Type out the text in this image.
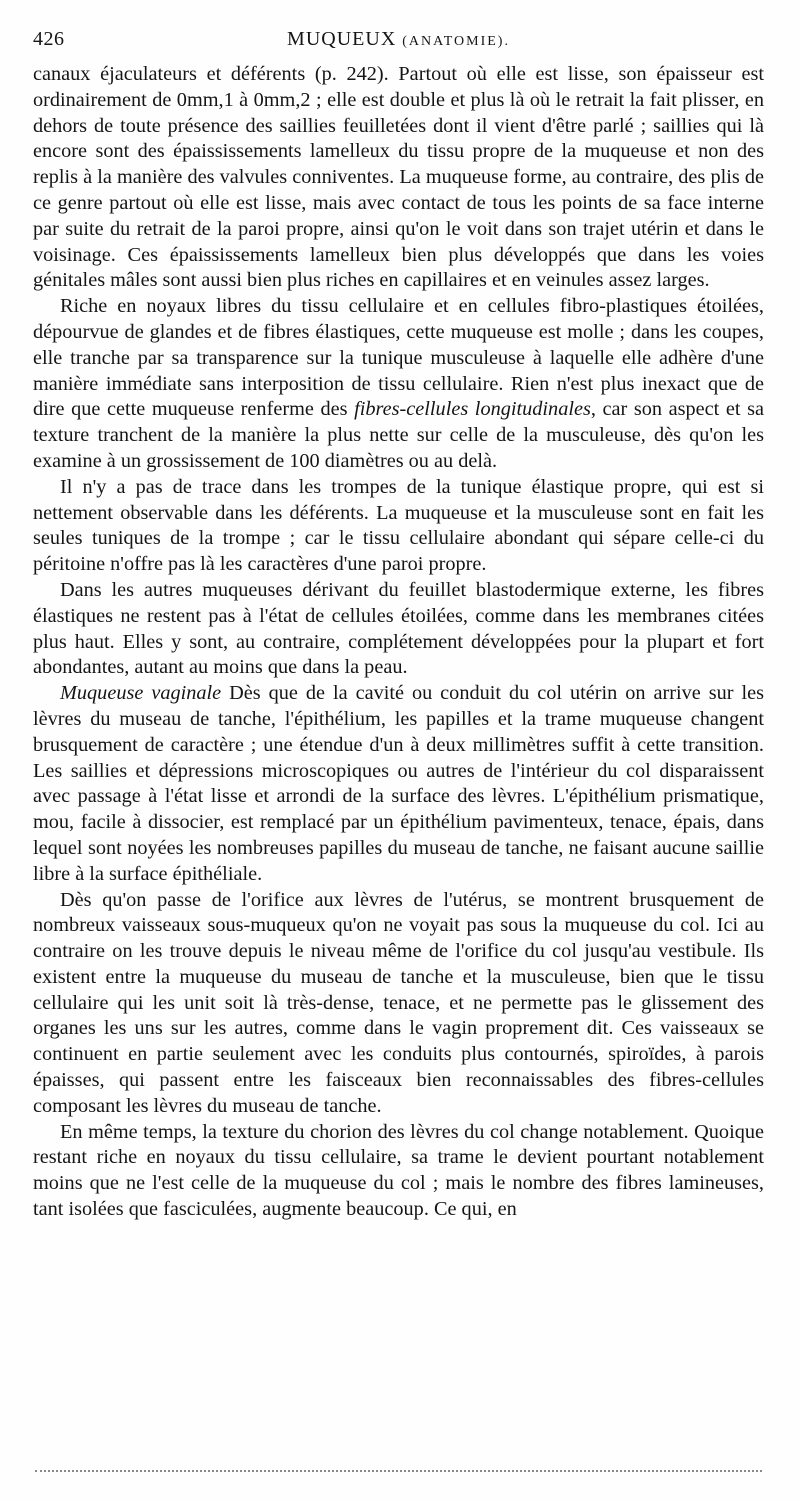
426	MUQUEUX (ANATOMIE).

canaux éjaculateurs et déférents (p. 242). Partout où elle est lisse, son épaisseur est ordinairement de 0mm,1 à 0mm,2 ; elle est double et plus là où le retrait la fait plisser, en dehors de toute présence des saillies feuilletées dont il vient d'être parlé ; saillies qui là encore sont des épaississements lamelleux du tissu propre de la muqueuse et non des replis à la manière des valvules conniventes. La muqueuse forme, au contraire, des plis de ce genre partout où elle est lisse, mais avec contact de tous les points de sa face interne par suite du retrait de la paroi propre, ainsi qu'on le voit dans son trajet utérin et dans le voisinage. Ces épaississements lamelleux bien plus développés que dans les voies génitales mâles sont aussi bien plus riches en capillaires et en veinules assez larges.

Riche en noyaux libres du tissu cellulaire et en cellules fibro-plastiques étoilées, dépourvue de glandes et de fibres élastiques, cette muqueuse est molle ; dans les coupes, elle tranche par sa transparence sur la tunique musculeuse à laquelle elle adhère d'une manière immédiate sans interposition de tissu cellulaire. Rien n'est plus inexact que de dire que cette muqueuse renferme des fibres-cellules longitudinales, car son aspect et sa texture tranchent de la manière la plus nette sur celle de la musculeuse, dès qu'on les examine à un grossissement de 100 diamètres ou au delà.

Il n'y a pas de trace dans les trompes de la tunique élastique propre, qui est si nettement observable dans les déférents. La muqueuse et la musculeuse sont en fait les seules tuniques de la trompe ; car le tissu cellulaire abondant qui sépare celle-ci du péritoine n'offre pas là les caractères d'une paroi propre.

Dans les autres muqueuses dérivant du feuillet blastodermique externe, les fibres élastiques ne restent pas à l'état de cellules étoilées, comme dans les membranes citées plus haut. Elles y sont, au contraire, complétement développées pour la plupart et fort abondantes, autant au moins que dans la peau.

Muqueuse vaginale Dès que de la cavité ou conduit du col utérin on arrive sur les lèvres du museau de tanche, l'épithélium, les papilles et la trame muqueuse changent brusquement de caractère ; une étendue d'un à deux millimètres suffit à cette transition. Les saillies et dépressions microscopiques ou autres de l'intérieur du col disparaissent avec passage à l'état lisse et arrondi de la surface des lèvres. L'épithélium prismatique, mou, facile à dissocier, est remplacé par un épithélium pavimenteux, tenace, épais, dans lequel sont noyées les nombreuses papilles du museau de tanche, ne faisant aucune saillie libre à la surface épithéliale.

Dès qu'on passe de l'orifice aux lèvres de l'utérus, se montrent brusquement de nombreux vaisseaux sous-muqueux qu'on ne voyait pas sous la muqueuse du col. Ici au contraire on les trouve depuis le niveau même de l'orifice du col jusqu'au vestibule. Ils existent entre la muqueuse du museau de tanche et la musculeuse, bien que le tissu cellulaire qui les unit soit là très-dense, tenace, et ne permette pas le glissement des organes les uns sur les autres, comme dans le vagin proprement dit. Ces vaisseaux se continuent en partie seulement avec les conduits plus contournés, spiroïdes, à parois épaisses, qui passent entre les faisceaux bien reconnaissables des fibres-cellules composant les lèvres du museau de tanche.

En même temps, la texture du chorion des lèvres du col change notablement. Quoique restant riche en noyaux du tissu cellulaire, sa trame le devient pourtant notablement moins que ne l'est celle de la muqueuse du col ; mais le nombre des fibres lamineuses, tant isolées que fasciculées, augmente beaucoup. Ce qui, en
